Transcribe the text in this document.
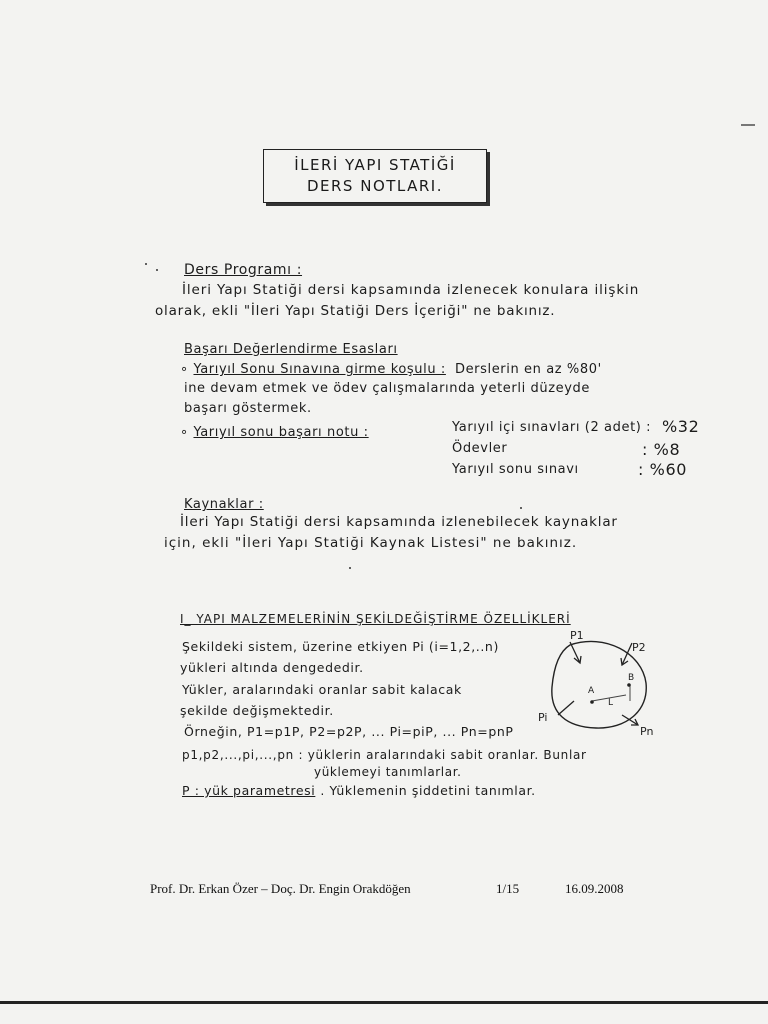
İLERİ YAPI STATİĞİ
DERS NOTLARI.
Ders Programı :
İleri Yapı Statiği dersi kapsamında izlenecek konulara ilişkin
olarak, ekli "İleri Yapı Statiği Ders İçeriği" ne bakınız.
Başarı Değerlendirme Esasları
∘ Yarıyıl Sonu Sınavına girme koşulu : Derslerin en az %80'
ine devam etmek ve ödev çalışmalarında yeterli düzeyde
başarı göstermek.
∘ Yarıyıl sonu başarı notu :	Yarıyıl içi sınavları (2 adet) : %32
Ödevler	: %8
Yarıyıl sonu sınavı	: %60
Kaynaklar :
İleri Yapı Statiği dersi kapsamında izlenebilecek kaynaklar
için, ekli "İleri Yapı Statiği Kaynak Listesi" ne bakınız.
I_ YAPI MALZEMELERİNİN ŞEKİLDEĞİŞTİRME ÖZELLİKLERİ
Şekildeki sistem, üzerine etkiyen Pi (i=1,2,..n)
yükleri altında dengededir.
Yükler, aralarındaki oranlar sabit kalacak
şekilde değişmektedir.
Örneğin, P1=p1P, P2=p2P, ... Pi=piP, ... Pn=pnP
p1,p2,...,pi,...,pn : yüklerin aralarındaki sabit oranlar. Bunlar
yüklemeyi tanımlarlar.
P : yük parametresi . Yüklemenin şiddetini tanımlar.
P1
P2
Pi
Pn
A
B
L
Prof. Dr. Erkan Özer – Doç. Dr. Engin Orakdöğen	1/15	16.09.2008
